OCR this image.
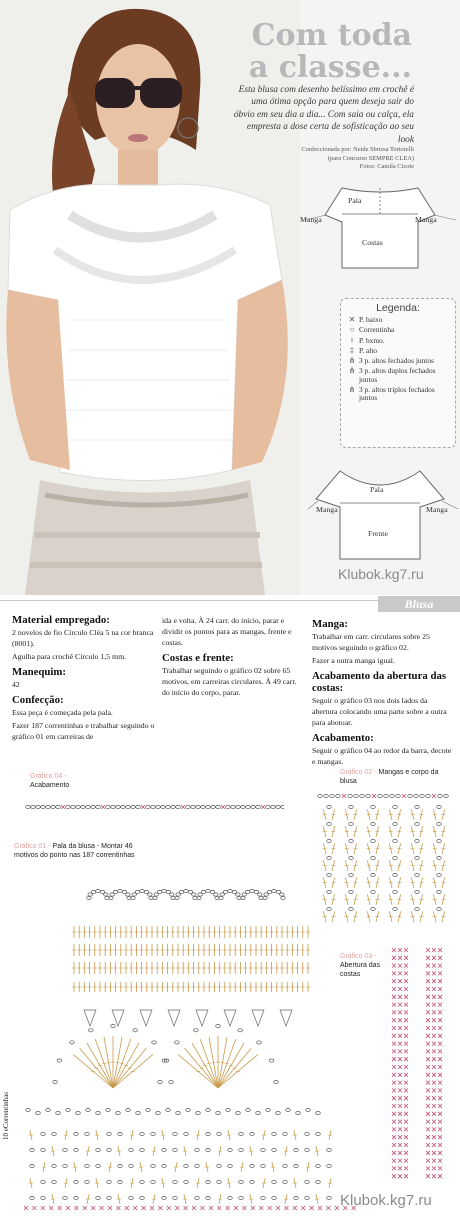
Com toda
a classe...
Esta blusa com desenho belíssimo em crochê é uma ótima opção para quem deseja sair do óbvio em seu dia a dia... Com saia ou calça, ela empresta a dose certa de sofisticação ao seu look
Confeccionada por: Neide Sbrissa Tortorelli
(para Concurso SEMPRE CLEA)
Fotos: Camila Cicote
Pala
Manga	Manga
Costas
Legenda:
✕ P. baixo
○ Correntinha
ǂ P. bxmo.
‡ P. alto
⋔ 3 p. altos fechados juntos
⋔ 3 p. altos duplos fechados juntos
⋔ 3 p. altos triplos fechados juntos
Pala
Manga	Manga
Frente
Klubok.kg7.ru
Blusa
Material empregado:

2 novelos de fio Círculo Cléa 5 na cor branca (8001).

Agulha para crochê Círculo 1,5 mm.

Manequim:

42

Confecção:

Essa peça é começada pela pala.

Fazer 187 correntinhas e trabalhar seguindo o gráfico 01 em carreiras de

ida e volta. À 24 carr. do início, parar e dividir os pontos para as mangas, frente e costas.

Costas e frente:

Trabalhar seguindo o gráfico 02 sobre 65 motivos, em carreiras circulares. À 49 carr. do início do corpo, parar.

Manga:

Trabalhar em carr. circulares sobre 25 motivos seguindo o gráfico 02.

Fazer a outra manga igual.

Acabamento da abertura das costas:

Seguir o gráfico 03 nos dois lados da abertura colocando uma parte sobre a outra para abotoar.

Acabamento:

Seguir o gráfico 04 ao redor da barra, decote e mangas.

Gráfico 04 -
Acabamento
Gráfico 01 - Pala da blusa - Montar 46 motivos do ponto nas 187 correntinhas
Gráfico 02 - Mangas e corpo da blusa
Gráfico 03 -
Abertura das costas
Klubok.kg7.ru
10 eCorrentinhas
